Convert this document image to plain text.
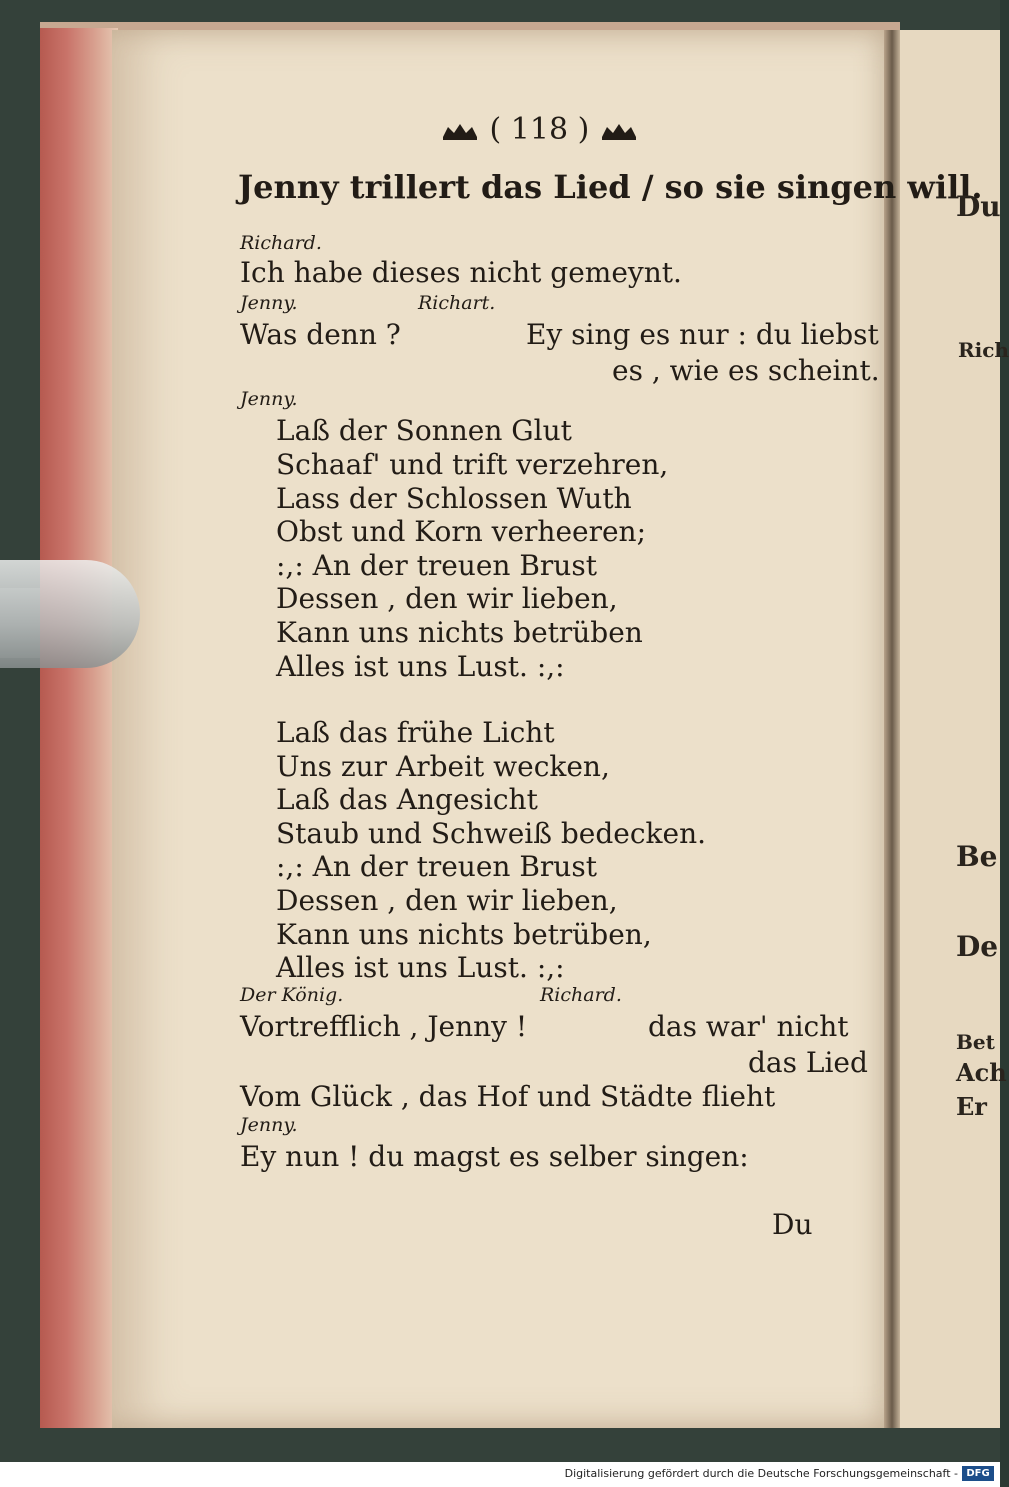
( 118 )
Jenny trillert das Lied / so sie singen will.
Richard.
Ich habe dieses nicht gemeynt.
Jenny.	Richart.
Was denn ?	Ey sing es nur : du liebst
es , wie es scheint.
Jenny.
Laß der Sonnen Glut
Schaaf' und trift verzehren,
Lass der Schlossen Wuth
Obst und Korn verheeren;
:,: An der treuen Brust
Dessen , den wir lieben,
Kann uns nichts betrüben
Alles ist uns Lust. :,:
Laß das frühe Licht
Uns zur Arbeit wecken,
Laß das Angesicht
Staub und Schweiß bedecken.
:,: An der treuen Brust
Dessen , den wir lieben,
Kann uns nichts betrüben,
Alles ist uns Lust. :,:
Der König.	Richard.
Vortrefflich , Jenny !	das war' nicht
das Lied
Vom Glück , das Hof und Städte flieht
Jenny.
Ey nun ! du magst es selber singen:
Du
Du
Rich
Be
De
Bet
Ach
Er
Digitalisierung gefördert durch die Deutsche Forschungsgemeinschaft - DFG
